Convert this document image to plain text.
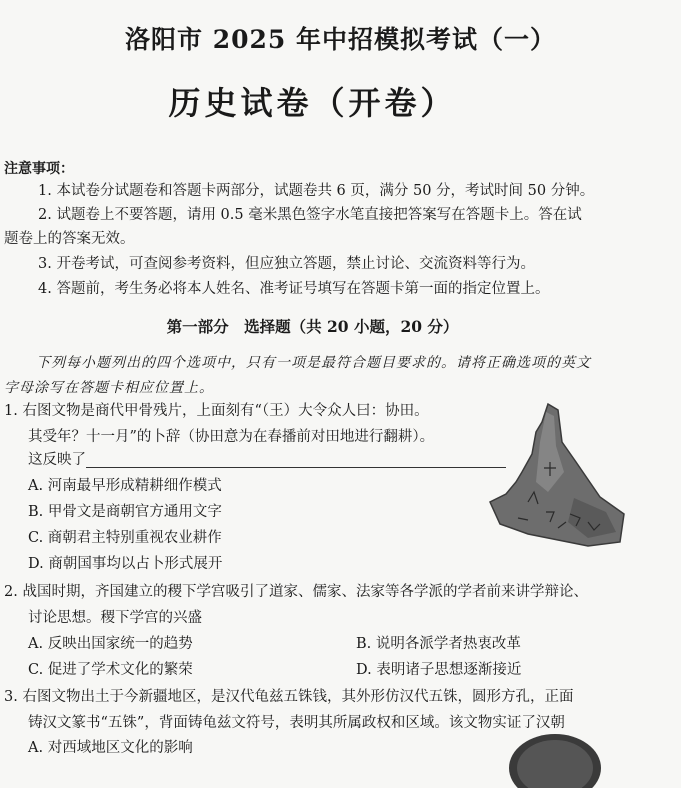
洛阳市 2025 年中招模拟考试（一）
历史试卷（开卷）
注意事项：
1. 本试卷分试题卷和答题卡两部分，试题卷共 6 页，满分 50 分，考试时间 50 分钟。
2. 试题卷上不要答题，请用 0.5 毫米黑色签字水笔直接把答案写在答题卡上。答在试
题卷上的答案无效。
3. 开卷考试，可查阅参考资料，但应独立答题，禁止讨论、交流资料等行为。
4. 答题前，考生务必将本人姓名、准考证号填写在答题卡第一面的指定位置上。
第一部分　选择题（共 20 小题，20 分）
下列每小题列出的四个选项中，只有一项是最符合题目要求的。请将正确选项的英文
字母涂写在答题卡相应位置上。
1. 右图文物是商代甲骨残片，上面刻有“（王）大令众人曰：协田。
其受年？十一月”的卜辞（协田意为在春播前对田地进行翻耕）。
这反映了
A. 河南最早形成精耕细作模式
B. 甲骨文是商朝官方通用文字
C. 商朝君主特别重视农业耕作
D. 商朝国事均以占卜形式展开
2. 战国时期，齐国建立的稷下学宫吸引了道家、儒家、法家等各学派的学者前来讲学辩论、
讨论思想。稷下学宫的兴盛
A. 反映出国家统一的趋势	B. 说明各派学者热衷改革
C. 促进了学术文化的繁荣	D. 表明诸子思想逐渐接近
3. 右图文物出土于今新疆地区，是汉代龟兹五铢钱，其外形仿汉代五铢，圆形方孔，正面
铸汉文篆书“五铢”，背面铸龟兹文符号，表明其所属政权和区域。该文物实证了汉朝
A. 对西域地区文化的影响
